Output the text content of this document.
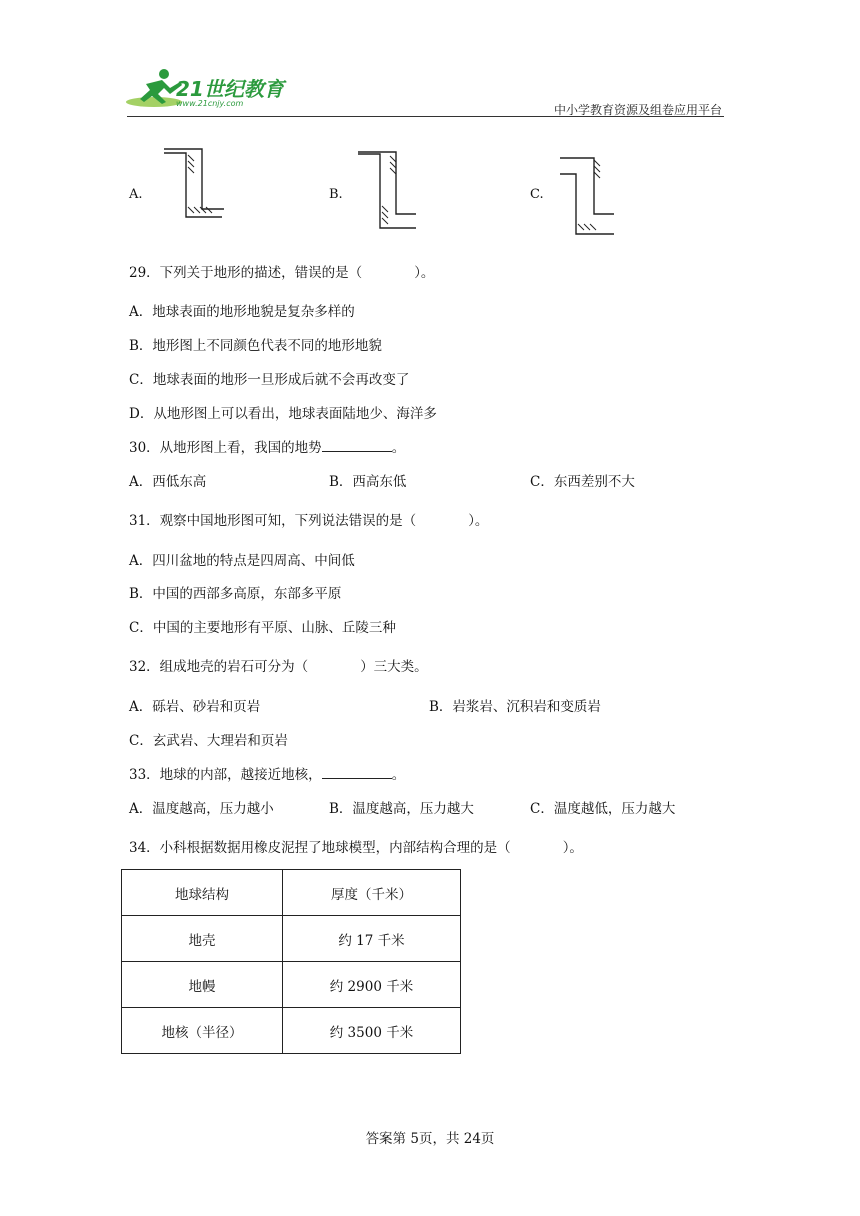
21世纪教育
www.21cnjy.com	中小学教育资源及组卷应用平台
A.	B.	C.
29．下列关于地形的描述，错误的是（	）。
A．地球表面的地形地貌是复杂多样的
B．地形图上不同颜色代表不同的地形地貌
C．地球表面的地形一旦形成后就不会再改变了
D．从地形图上可以看出，地球表面陆地少、海洋多
30．从地形图上看，我国的地势	。
A．西低东高	B．西高东低	C．东西差别不大
31．观察中国地形图可知，下列说法错误的是（	）。
A．四川盆地的特点是四周高、中间低
B．中国的西部多高原，东部多平原
C．中国的主要地形有平原、山脉、丘陵三种
32．组成地壳的岩石可分为（	）三大类。
A．砾岩、砂岩和页岩	B．岩浆岩、沉积岩和变质岩
C．玄武岩、大理岩和页岩
33．地球的内部，越接近地核，	。
A．温度越高，压力越小	B．温度越高，压力越大	C．温度越低，压力越大
34．小科根据数据用橡皮泥捏了地球模型，内部结构合理的是（	）。
地球结构	厚度（千米）
地壳	约 17 千米
地幔	约 2900 千米
地核（半径）	约 3500 千米
答案第 5页，共 24页
